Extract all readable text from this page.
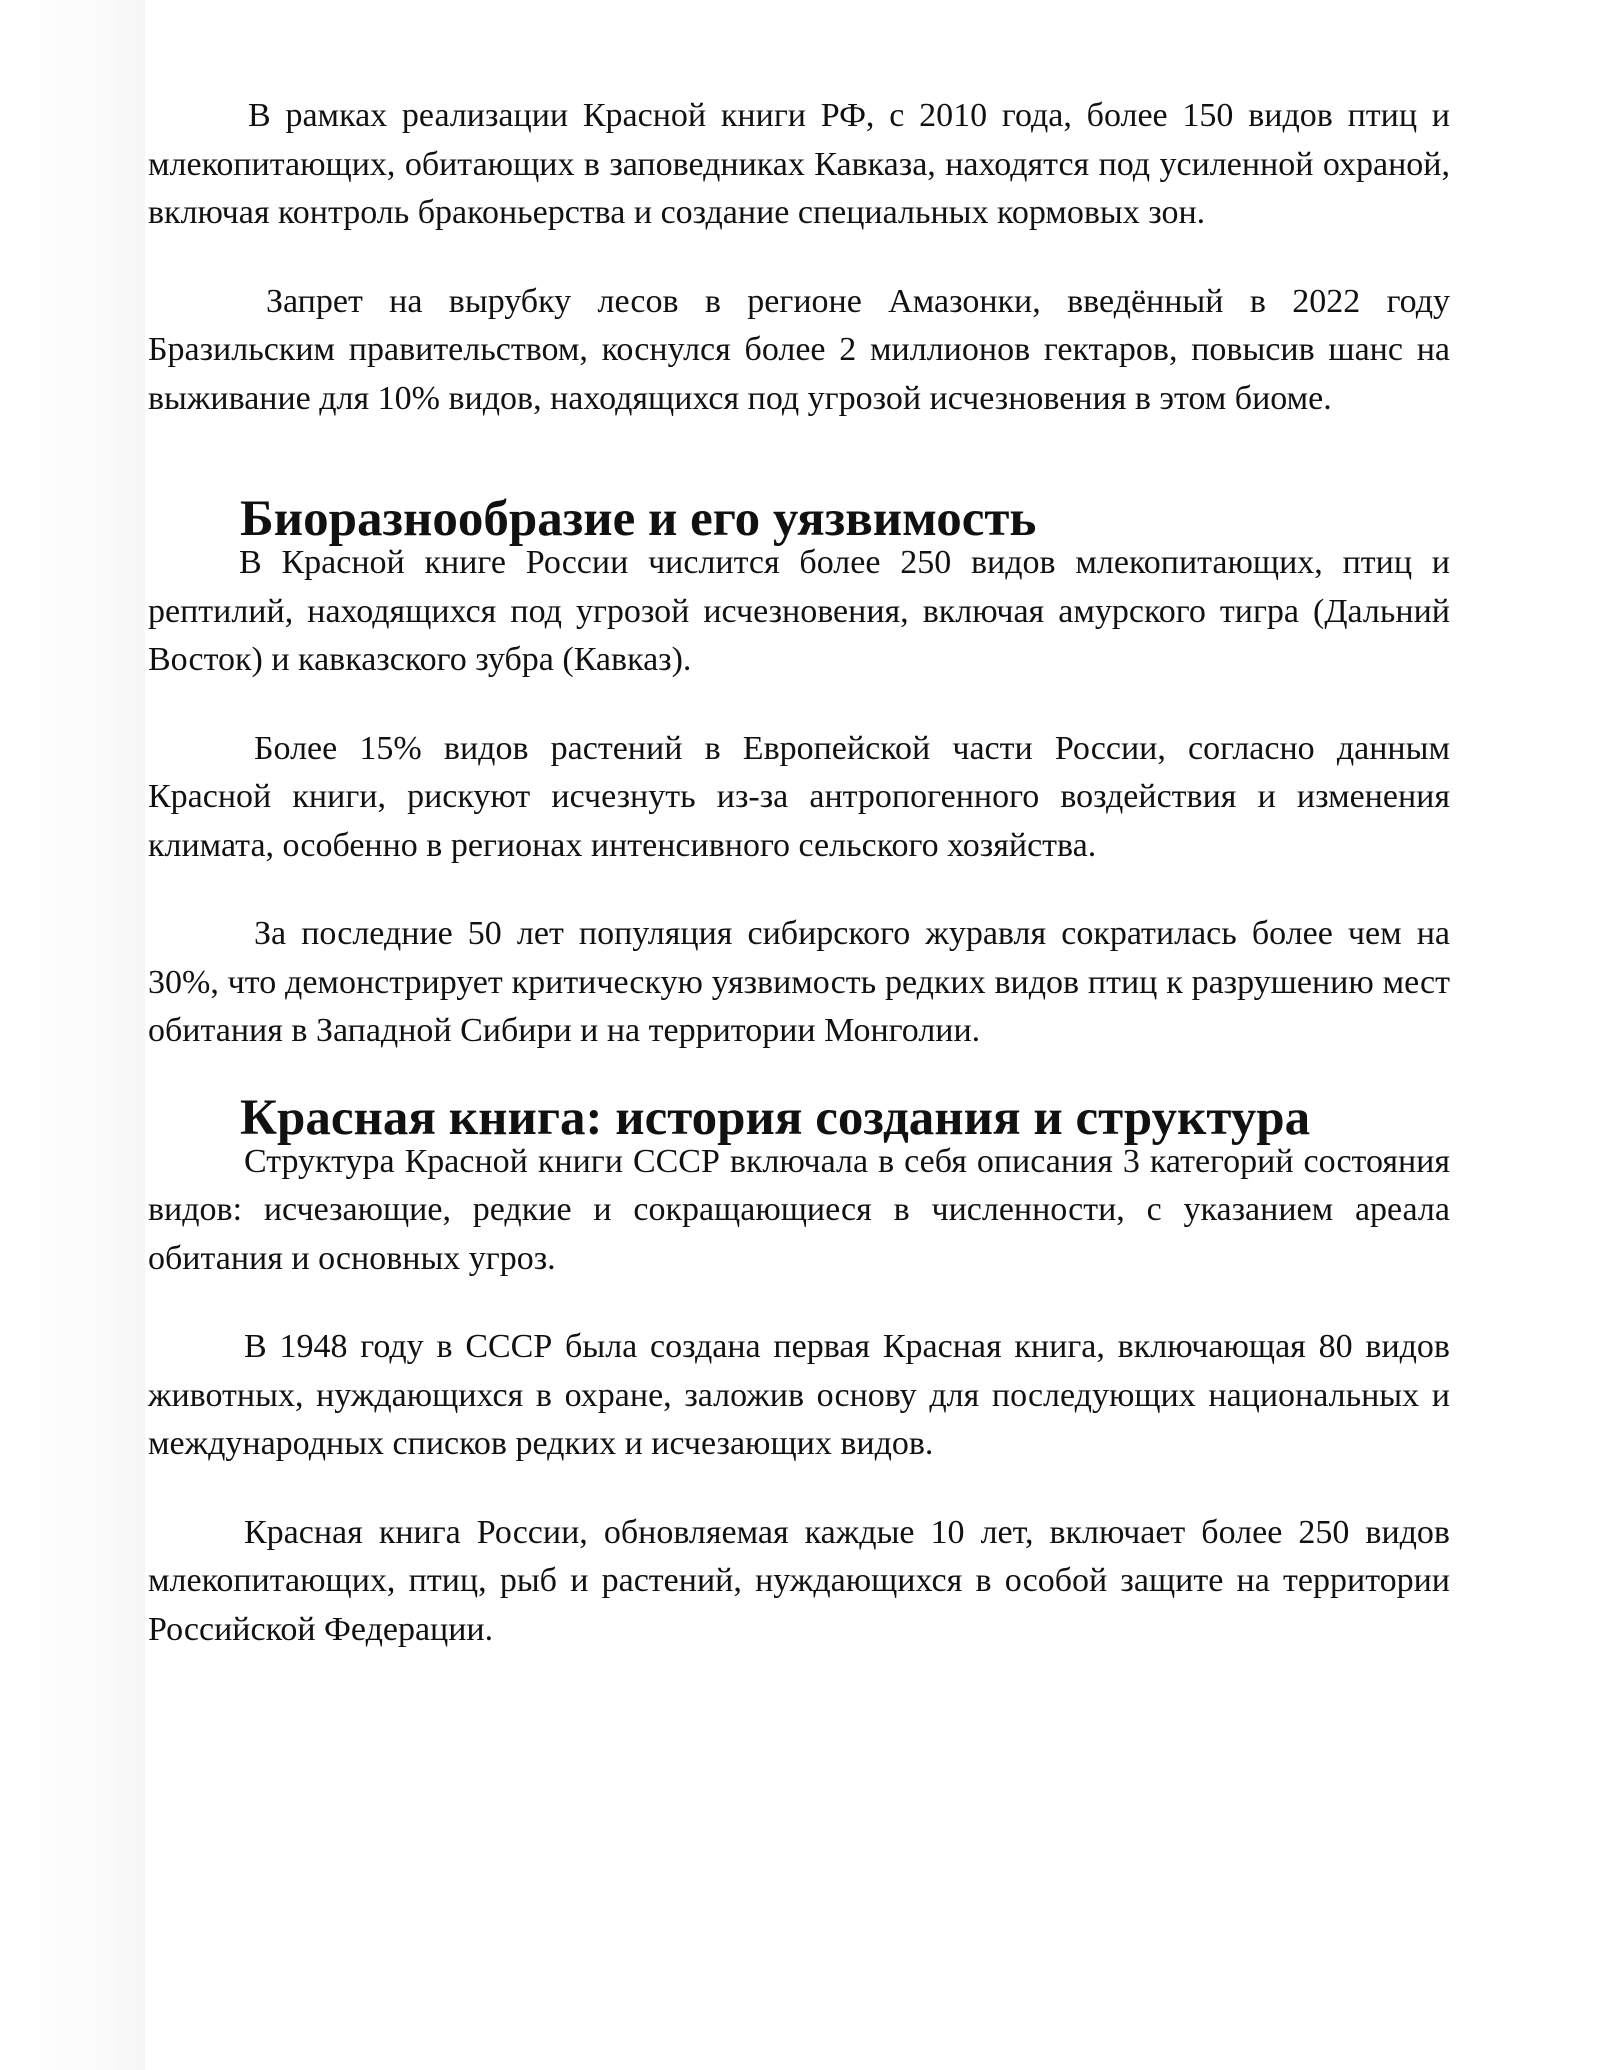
В рамках реализации Красной книги РФ, с 2010 года, более 150 видов птиц и млекопитающих, обитающих в заповедниках Кавказа, находятся под усиленной охраной, включая контроль браконьерства и создание специальных кормовых зон.

Запрет на вырубку лесов в регионе Амазонки, введённый в 2022 году Бразильским правительством, коснулся более 2 миллионов гектаров, повысив шанс на выживание для 10% видов, находящихся под угрозой исчезновения в этом биоме.

Биоразнообразие и его уязвимость

В Красной книге России числится более 250 видов млекопитающих, птиц и рептилий, находящихся под угрозой исчезновения, включая амурского тигра (Дальний Восток) и кавказского зубра (Кавказ).

Более 15% видов растений в Европейской части России, согласно данным Красной книги, рискуют исчезнуть из-за антропогенного воздействия и изменения климата, особенно в регионах интенсивного сельского хозяйства.

За последние 50 лет популяция сибирского журавля сократилась более чем на 30%, что демонстрирует критическую уязвимость редких видов птиц к разрушению мест обитания в Западной Сибири и на территории Монголии.

Красная книга: история создания и структура

Структура Красной книги СССР включала в себя описания 3 категорий состояния видов: исчезающие, редкие и сокращающиеся в численности, с указанием ареала обитания и основных угроз.

В 1948 году в СССР была создана первая Красная книга, включающая 80 видов животных, нуждающихся в охране, заложив основу для последующих национальных и международных списков редких и исчезающих видов.

Красная книга России, обновляемая каждые 10 лет, включает более 250 видов млекопитающих, птиц, рыб и растений, нуждающихся в особой защите на территории Российской Федерации.
